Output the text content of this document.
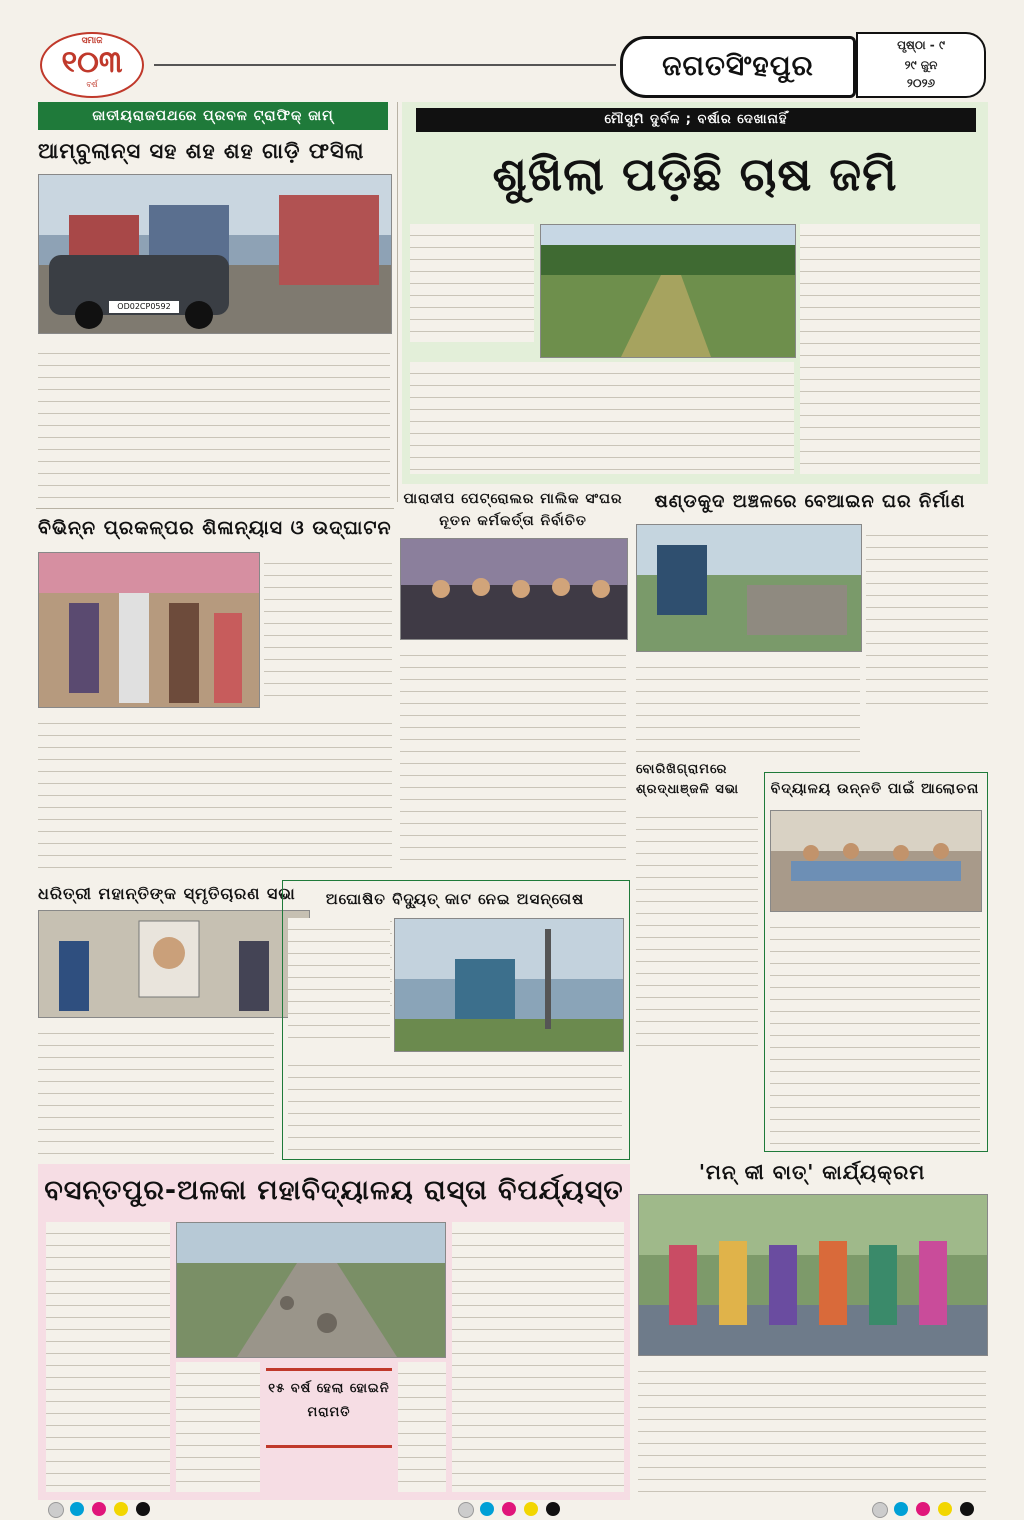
ସମାଜ
୧୦୩
ବର୍ଷ
ଜଗତସିଂହପୁର
ପୃଷ୍ଠା - ୯
୨୯ ଜୁନ
୨୦୨୬
ଜାତୀୟରାଜପଥରେ ପ୍ରବଳ ଟ୍ରାଫିକ୍ ଜାମ୍
ଆମ୍ବୁଲାନ୍ସ ସହ ଶହ ଶହ ଗାଡ଼ି ଫସିଲା
OD02CP0592
ମୌସୁମି ଦୁର୍ବଳ ; ବର୍ଷାର ଦେଖାନାହିଁ
ଶୁଖିଲା ପଡ଼ିଛି ଚାଷ ଜମି
ବିଭିନ୍ନ ପ୍ରକଳ୍ପର ଶିଳାନ୍ୟାସ ଓ ଉଦ୍‌ଘାଟନ
ପାରାଦୀପ ପେଟ୍ରୋଲର ମାଲିକ ସଂଘର ନୂତନ କର୍ମକର୍ତ୍ତା ନିର୍ବାଚିତ
ଷଣ୍ଡକୁଦ ଅଞ୍ଚଳରେ ବେଆଇନ ଘର ନିର୍ମାଣ
ବୋରିଖିଗ୍ରାମରେ ଶ୍ରଦ୍ଧାଞ୍ଜଳି ସଭା	ବିଦ୍ୟାଳୟ ଉନ୍ନତି ପାଇଁ ଆଲୋଚନା
ଧରିତ୍ରୀ ମହାନ୍ତିଙ୍କ ସ୍ମୃତିଚାରଣ ସଭା	ଅଘୋଷିତ ବିଦ୍ୟୁତ୍ କାଟ ନେଇ ଅସନ୍ତୋଷ
ବସନ୍ତପୁର-ଅଳକା ମହାବିଦ୍ୟାଳୟ ରାସ୍ତା ବିପର୍ଯ୍ୟସ୍ତ
୧୫ ବର୍ଷ ହେଲା ହୋଇନି ମରାମତି
'ମନ୍ କୀ ବାତ୍' କାର୍ଯ୍ୟକ୍ରମ
